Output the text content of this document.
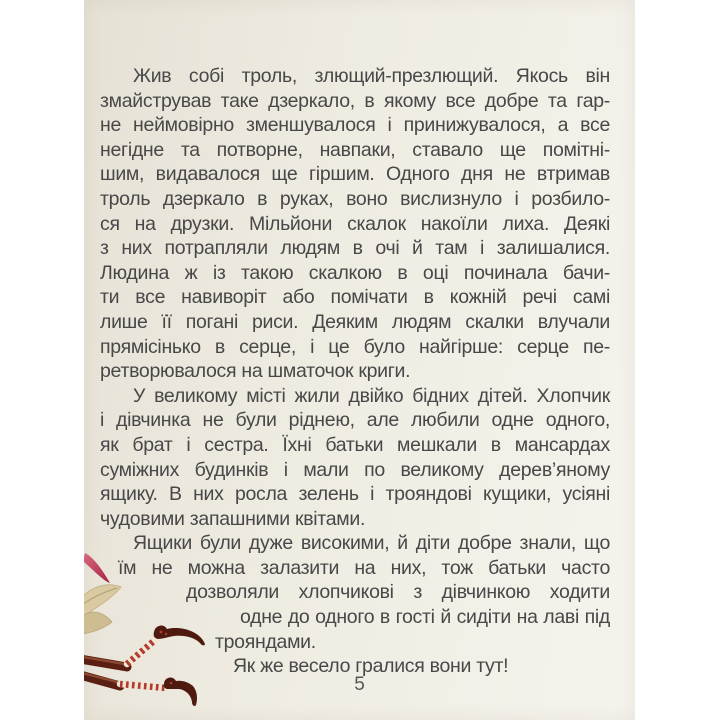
Жив собі троль, злющий-презлющий. Якось він
змайстрував таке дзеркало, в якому все добре та гар-
не неймовірно зменшувалося і принижувалося, а все
негідне та потворне, навпаки, ставало ще помітні-
шим, видавалося ще гіршим. Одного дня не втримав
троль дзеркало в руках, воно вислизнуло і розбило-
ся на друзки. Мільйони скалок накоїли лиха. Деякі
з них потрапляли людям в очі й там і залишалися.
Людина ж із такою скалкою в оці починала бачи-
ти все навиворіт або помічати в кожній речі самі
лише її погані риси. Деяким людям скалки влучали
прямісінько в серце, і це було найгірше: серце пе-
ретворювалося на шматочок криги.
У великому місті жили двійко бідних дітей. Хлопчик
і дівчинка не були ріднею, але любили одне одного,
як брат і сестра. Їхні батьки мешкали в мансардах
суміжних будинків і мали по великому дерев’яному
ящику. В них росла зелень і трояндові кущики, усіяні
чудовими запашними квітами.
Ящики були дуже високими, й діти добре знали, що
їм не можна залазити на них, тож батьки часто
дозволяли хлопчикові з дівчинкою ходити
одне до одного в гості й сидіти на лаві під
трояндами.
Як же весело гралися вони тут!
5
